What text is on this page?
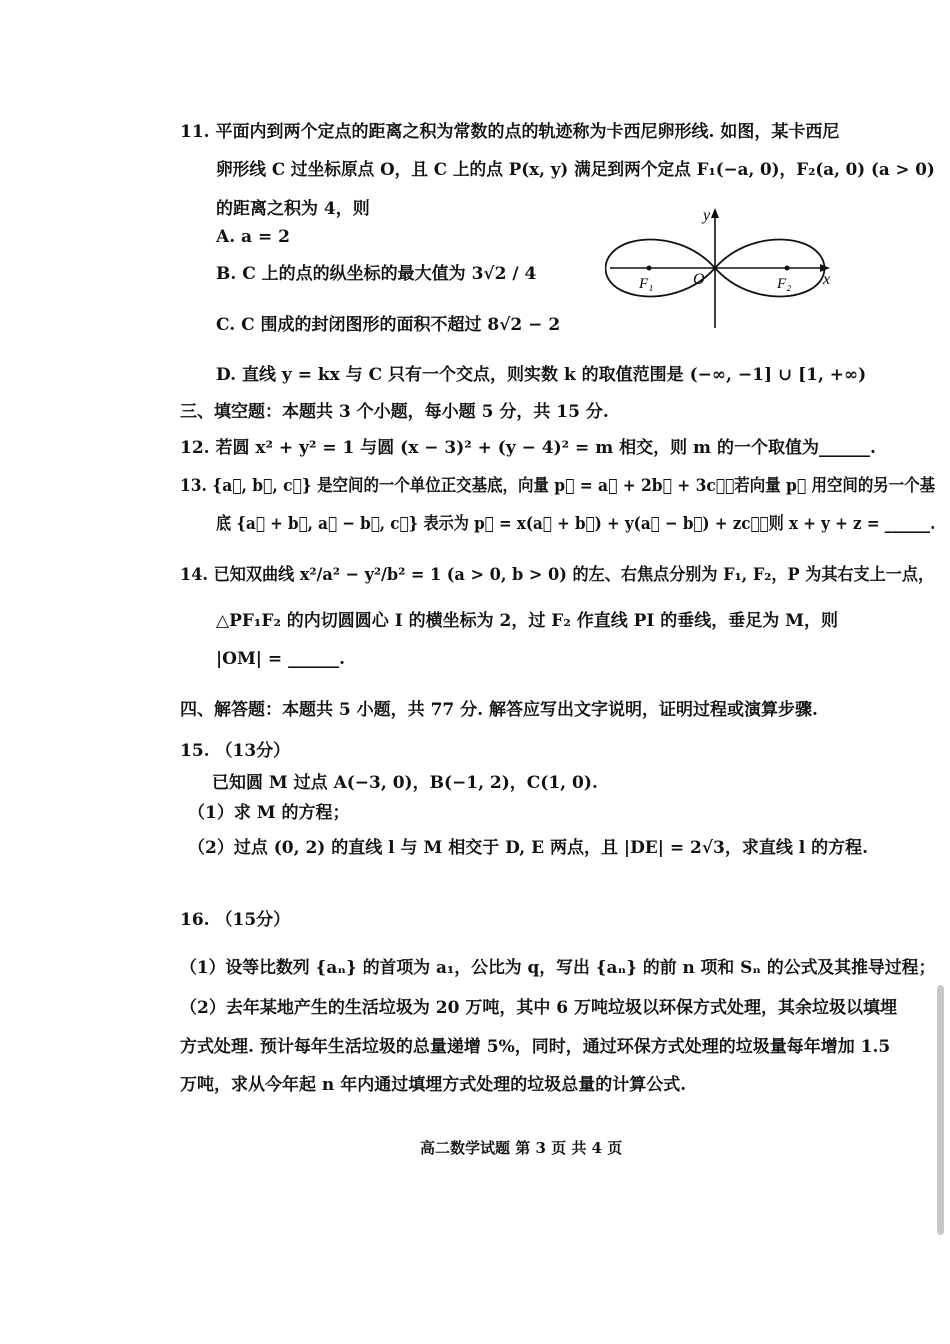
11. 平面内到两个定点的距离之积为常数的点的轨迹称为卡西尼卵形线. 如图，某卡西尼
卵形线 C 过坐标原点 O，且 C 上的点 P(x, y) 满足到两个定点 F₁(−a, 0)，F₂(a, 0) (a > 0)
的距离之积为 4，则
A. a = 2
B. C 上的点的纵坐标的最大值为 3√2 / 4
C. C 围成的封闭图形的面积不超过 8√2 − 2
D. 直线 y = kx 与 C 只有一个交点，则实数 k 的取值范围是 (−∞, −1] ∪ [1, +∞)
x
y
O
F₁	F₂
三、填空题：本题共 3 个小题，每小题 5 分，共 15 分.
12. 若圆 x² + y² = 1 与圆 (x − 3)² + (y − 4)² = m 相交，则 m 的一个取值为______.
13. {a⃗, b⃗, c⃗} 是空间的一个单位正交基底，向量 p⃗ = a⃗ + 2b⃗ + 3c⃗，若向量 p⃗ 用空间的另一个基
底 {a⃗ + b⃗, a⃗ − b⃗, c⃗} 表示为 p⃗ = x(a⃗ + b⃗) + y(a⃗ − b⃗) + zc⃗，则 x + y + z = ______.
14. 已知双曲线 x²/a² − y²/b² = 1 (a > 0, b > 0) 的左、右焦点分别为 F₁, F₂，P 为其右支上一点，
△PF₁F₂ 的内切圆圆心 I 的横坐标为 2，过 F₂ 作直线 PI 的垂线，垂足为 M，则
|OM| = ______.
四、解答题：本题共 5 小题，共 77 分. 解答应写出文字说明，证明过程或演算步骤.
15. （13分）
已知圆 M 过点 A(−3, 0)，B(−1, 2)，C(1, 0).
（1）求 M 的方程；
（2）过点 (0, 2) 的直线 l 与 M 相交于 D, E 两点，且 |DE| = 2√3，求直线 l 的方程.
16. （15分）
（1）设等比数列 {aₙ} 的首项为 a₁，公比为 q，写出 {aₙ} 的前 n 项和 Sₙ 的公式及其推导过程；
（2）去年某地产生的生活垃圾为 20 万吨，其中 6 万吨垃圾以环保方式处理，其余垃圾以填埋
方式处理. 预计每年生活垃圾的总量递增 5%，同时，通过环保方式处理的垃圾量每年增加 1.5
万吨，求从今年起 n 年内通过填埋方式处理的垃圾总量的计算公式.
高二数学试题 第 3 页 共 4 页
